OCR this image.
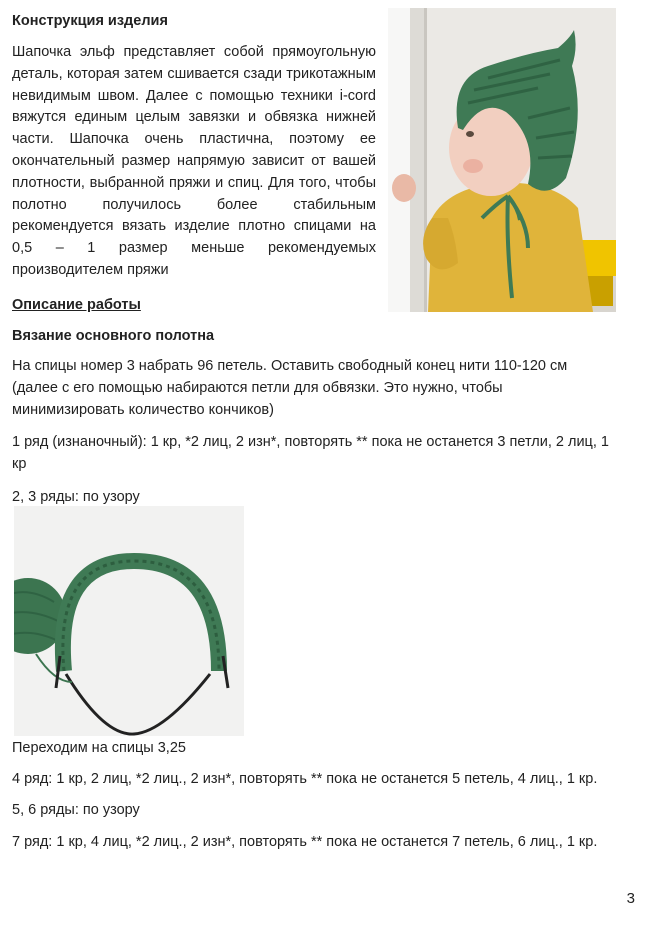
Конструкция изделия
Шапочка эльф представляет собой прямоугольную деталь, которая затем сшивается сзади трикотажным невидимым швом. Далее с помощью техники i-cord вяжутся единым целым завязки и обвязка нижней части. Шапочка очень пластична, поэтому ее окончательный размер напрямую зависит от вашей плотности, выбранной пряжи и спиц. Для того, чтобы полотно получилось более стабильным рекомендуется вязать изделие плотно спицами на 0,5 – 1 размер меньше рекомендуемых производителем пряжи
Описание работы
Вязание основного полотна
На спицы номер 3 набрать 96 петель. Оставить свободный конец нити 110-120 см (далее с его помощью набираются петли для обвязки. Это нужно, чтобы минимизировать количество кончиков)
1 ряд (изнаночный): 1 кр, *2 лиц, 2 изн*, повторять ** пока не останется 3 петли, 2 лиц, 1 кр
2, 3 ряды: по узору
Переходим на спицы 3,25
4 ряд: 1 кр, 2 лиц, *2 лиц., 2 изн*, повторять ** пока не останется 5 петель, 4 лиц., 1 кр.
5, 6 ряды: по узору
7 ряд: 1 кр, 4 лиц, *2 лиц., 2 изн*, повторять ** пока не останется 7 петель, 6 лиц., 1 кр.
3
